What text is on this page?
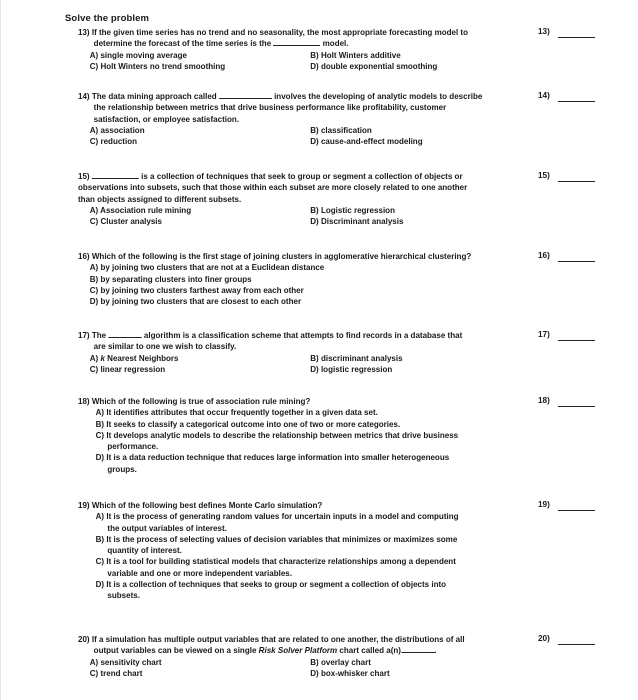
Solve the problem
13) If the given time series has no trend and no seasonality, the most appropriate forecasting model to
determine the forecast of the time series is the	model.
A) single moving average	B) Holt Winters additive
C) Holt Winters no trend smoothing	D) double exponential smoothing
13)
14) The data mining approach called	involves the developing of analytic models to describe
the relationship between metrics that drive business performance like profitability, customer
satisfaction, or employee satisfaction.
A) association	B) classification
C) reduction	D) cause-and-effect modeling
14)
15)	is a collection of techniques that seek to group or segment a collection of objects or
observations into subsets, such that those within each subset are more closely related to one another
than objects assigned to different subsets.
A) Association rule mining	B) Logistic regression
C) Cluster analysis	D) Discriminant analysis
15)
16) Which of the following is the first stage of joining clusters in agglomerative hierarchical clustering?
A) by joining two clusters that are not at a Euclidean distance
B) by separating clusters into finer groups
C) by joining two clusters farthest away from each other
D) by joining two clusters that are closest to each other
16)
17) The	algorithm is a classification scheme that attempts to find records in a database that
are similar to one we wish to classify.
A) k Nearest Neighbors	B) discriminant analysis
C) linear regression	D) logistic regression
17)
18) Which of the following is true of association rule mining?
A) It identifies attributes that occur frequently together in a given data set.
B) It seeks to classify a categorical outcome into one of two or more categories.
C) It develops analytic models to describe the relationship between metrics that drive business
performance.
D) It is a data reduction technique that reduces large information into smaller heterogeneous
groups.
18)
19) Which of the following best defines Monte Carlo simulation?
A) It is the process of generating random values for uncertain inputs in a model and computing
the output variables of interest.
B) It is the process of selecting values of decision variables that minimizes or maximizes some
quantity of interest.
C) It is a tool for building statistical models that characterize relationships among a dependent
variable and one or more independent variables.
D) It is a collection of techniques that seeks to group or segment a collection of objects into
subsets.
19)
20) If a simulation has multiple output variables that are related to one another, the distributions of all
output variables can be viewed on a single Risk Solver Platform chart called a(n)	.
A) sensitivity chart	B) overlay chart
C) trend chart	D) box-whisker chart
20)
